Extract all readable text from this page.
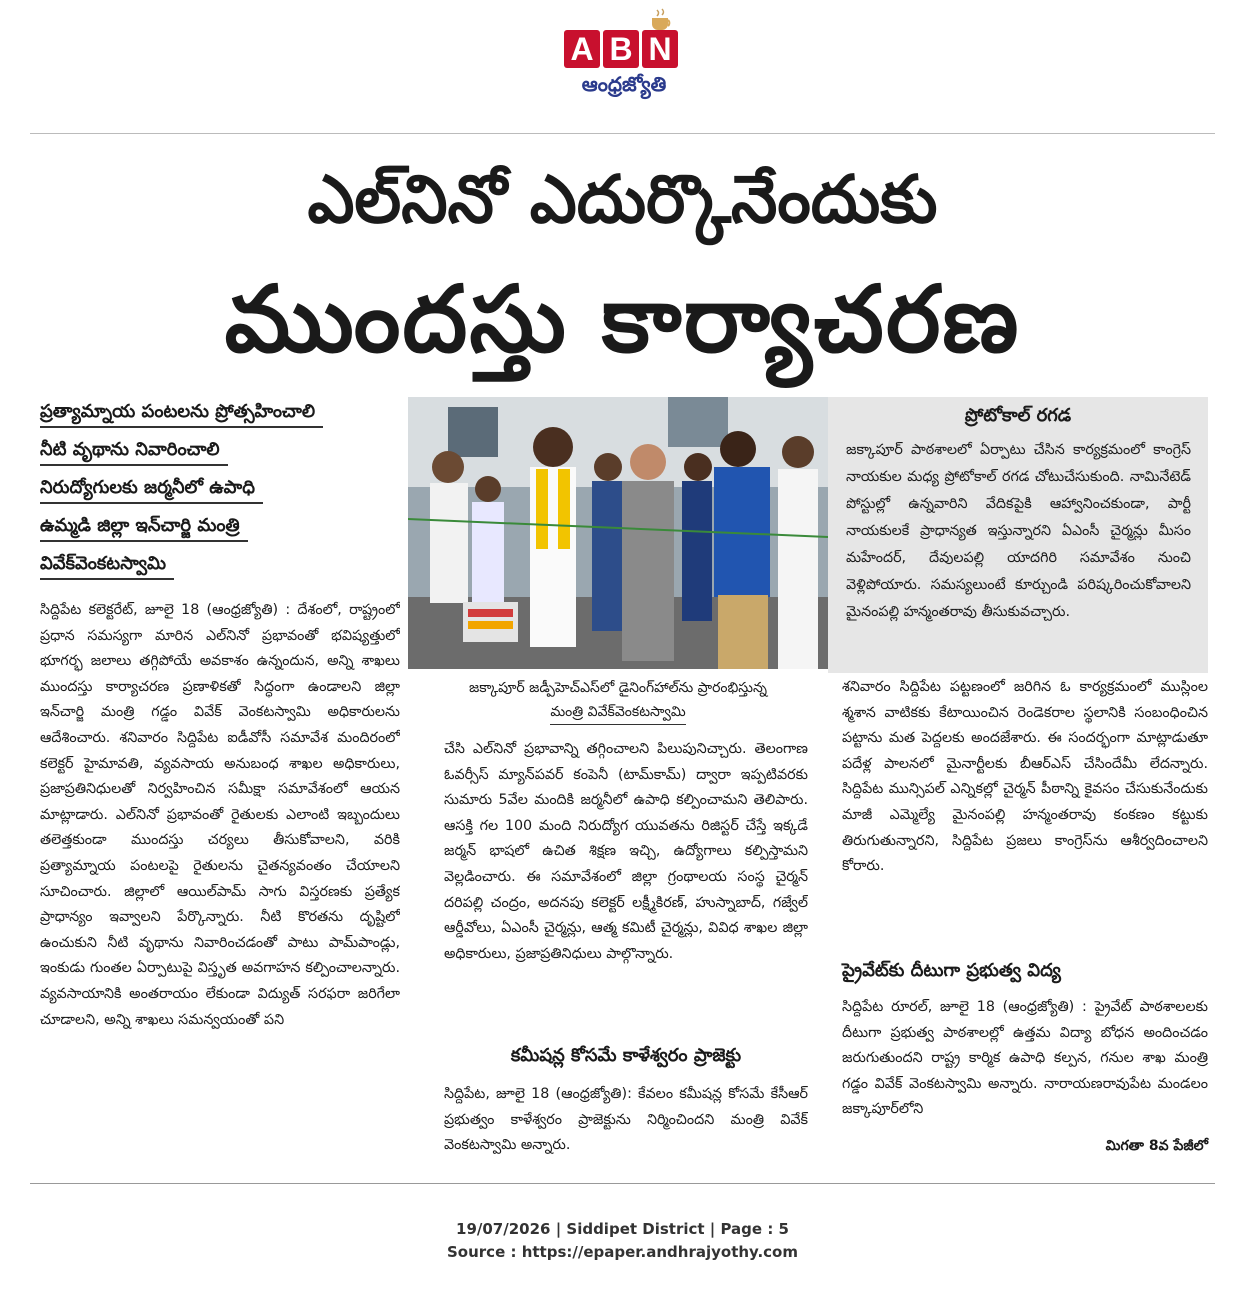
A B N
ఆంధ్రజ్యోతి
ఎల్‌నినో ఎదుర్కొనేందుకు
ముందస్తు కార్యాచరణ
ప్రత్యామ్నాయ పంటలను ప్రోత్సహించాలి
నీటి వృథాను నివారించాలి
నిరుద్యోగులకు జర్మనీలో ఉపాధి
ఉమ్మడి జిల్లా ఇన్‌చార్జి మంత్రి
వివేక్‌వెంకటస్వామి

సిద్దిపేట కలెక్టరేట్, జూలై 18 (ఆంధ్రజ్యోతి) : దేశంలో, రాష్ట్రంలో ప్రధాన సమస్యగా మారిన ఎల్‌నినో ప్రభావంతో భవిష్యత్తులో భూగర్భ జలాలు తగ్గిపోయే అవకాశం ఉన్నందున, అన్ని శాఖలు ముందస్తు కార్యాచరణ ప్రణాళికతో సిద్ధంగా ఉండాలని జిల్లా ఇన్‌చార్జి మంత్రి గడ్డం వివేక్ వెంకటస్వామి అధికారులను ఆదేశించారు. శనివారం సిద్దిపేట ఐడీవోసీ సమావేశ మందిరంలో కలెక్టర్ హైమావతి, వ్యవసాయ అనుబంధ శాఖల అధికారులు, ప్రజాప్రతినిధులతో నిర్వహించిన సమీక్షా సమావేశంలో ఆయన మాట్లాడారు. ఎల్‌నినో ప్రభావంతో రైతులకు ఎలాంటి ఇబ్బందులు తలెత్తకుండా ముందస్తు చర్యలు తీసుకోవాలని, వరికి ప్రత్యామ్నాయ పంటలపై రైతులను చైతన్యవంతం చేయాలని సూచించారు. జిల్లాలో ఆయిల్‌పామ్ సాగు విస్తరణకు ప్రత్యేక ప్రాధాన్యం ఇవ్వాలని పేర్కొన్నారు. నీటి కొరతను దృష్టిలో ఉంచుకుని నీటి వృథాను నివారించడంతో పాటు పామ్‌పాండ్లు, ఇంకుడు గుంతల ఏర్పాటుపై విస్తృత అవగాహన కల్పించాలన్నారు. వ్యవసాయానికి అంతరాయం లేకుండా విద్యుత్ సరఫరా జరిగేలా చూడాలని, అన్ని శాఖలు సమన్వయంతో పని

జక్కాపూర్ జడ్పీహెచ్‌ఎస్‌లో డైనింగ్‌హాల్‌ను ప్రారంభిస్తున్న
మంత్రి వివేక్‌వెంకటస్వామి

చేసి ఎల్‌నినో ప్రభావాన్ని తగ్గించాలని పిలుపునిచ్చారు. తెలంగాణ ఓవర్సీస్ మ్యాన్‌పవర్ కంపెనీ (టామ్‌కామ్) ద్వారా ఇప్పటివరకు సుమారు 5వేల మందికి జర్మనీలో ఉపాధి కల్పించామని తెలిపారు. ఆసక్తి గల 100 మంది నిరుద్యోగ యువతను రిజిస్టర్ చేస్తే ఇక్కడే జర్మన్ భాషలో ఉచిత శిక్షణ ఇచ్చి, ఉద్యోగాలు కల్పిస్తామని వెల్లడించారు. ఈ సమావేశంలో జిల్లా గ్రంథాలయ సంస్థ చైర్మన్ దరిపల్లి చంద్రం, అదనపు కలెక్టర్ లక్ష్మీకిరణ్, హుస్నాబాద్, గజ్వేల్ ఆర్డీవోలు, ఏఎంసీ చైర్మన్లు, ఆత్మ కమిటీ చైర్మన్లు, వివిధ శాఖల జిల్లా అధికారులు, ప్రజాప్రతినిధులు పాల్గొన్నారు.

కమీషన్ల కోసమే కాళేశ్వరం ప్రాజెక్టు

సిద్దిపేట, జూలై 18 (ఆంధ్రజ్యోతి): కేవలం కమీషన్ల కోసమే కేసీఆర్ ప్రభుత్వం కాళేశ్వరం ప్రాజెక్టును నిర్మించిందని మంత్రి వివేక్ వెంకటస్వామి అన్నారు.

ప్రోటోకాల్ రగడ
జక్కాపూర్ పాఠశాలలో ఏర్పాటు చేసిన కార్యక్రమంలో కాంగ్రెస్ నాయకుల మధ్య ప్రోటోకాల్ రగడ చోటుచేసుకుంది. నామినేటెడ్ పోస్టుల్లో ఉన్నవారిని వేదికపైకి ఆహ్వానించకుండా, పార్టీ నాయకులకే ప్రాధాన్యత ఇస్తున్నారని ఏఎంసీ చైర్మన్లు మీసం మహేందర్, దేవులపల్లి యాదగిరి సమావేశం నుంచి వెళ్లిపోయారు. సమస్యలుంటే కూర్చుండి పరిష్కరించుకోవాలని మైనంపల్లి హన్మంతరావు తీసుకువచ్చారు.

శనివారం సిద్దిపేట పట్టణంలో జరిగిన ఓ కార్యక్రమంలో ముస్లింల శ్మశాన వాటికకు కేటాయించిన రెండెకరాల స్థలానికి సంబంధించిన పట్టాను మత పెద్దలకు అందజేశారు. ఈ సందర్భంగా మాట్లాడుతూ పదేళ్ల పాలనలో మైనార్టీలకు బీఆర్‌ఎస్ చేసిందేమీ లేదన్నారు. సిద్దిపేట మున్సిపల్ ఎన్నికల్లో చైర్మన్ పీఠాన్ని కైవసం చేసుకునేందుకు మాజీ ఎమ్మెల్యే మైనంపల్లి హన్మంతరావు కంకణం కట్టుకు తిరుగుతున్నారని, సిద్దిపేట ప్రజలు కాంగ్రెస్‌ను ఆశీర్వదించాలని కోరారు.

ప్రైవేట్‌కు దీటుగా ప్రభుత్వ విద్య

సిద్దిపేట రూరల్, జూలై 18 (ఆంధ్రజ్యోతి) : ప్రైవేట్ పాఠశాలలకు దీటుగా ప్రభుత్వ పాఠశాలల్లో ఉత్తమ విద్యా బోధన అందించడం జరుగుతుందని రాష్ట్ర కార్మిక ఉపాధి కల్పన, గనుల శాఖ మంత్రి గడ్డం వివేక్ వెంకటస్వామి అన్నారు. నారాయణరావుపేట మండలం జక్కాపూర్‌లోని

మిగతా 8వ పేజీలో
19/07/2026 | Siddipet District | Page : 5
Source : https://epaper.andhrajyothy.com
